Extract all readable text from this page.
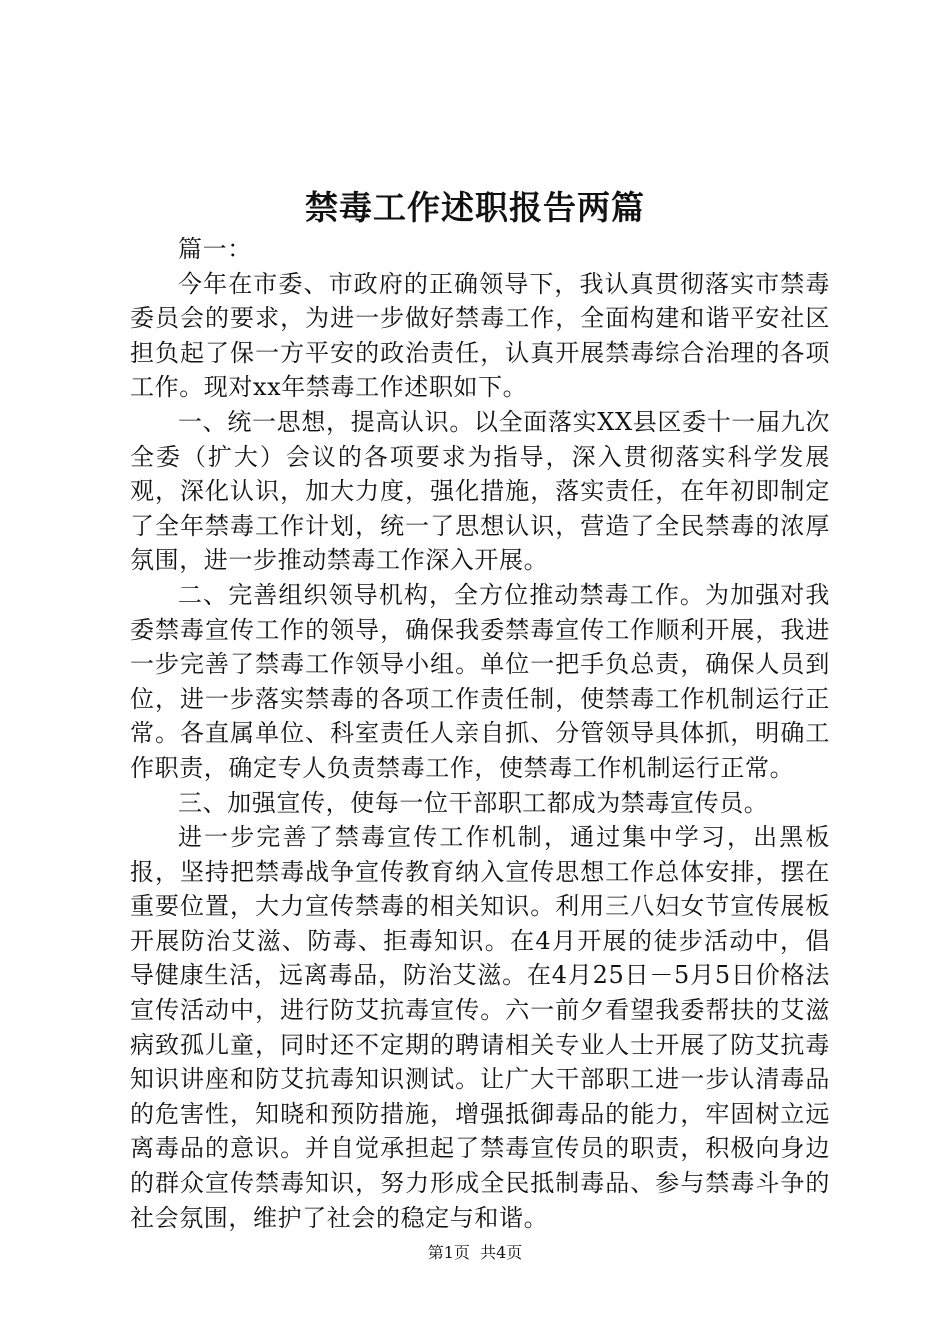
禁毒工作述职报告两篇

篇一：

今年在市委、市政府的正确领导下，我认真贯彻落实市禁毒委员会的要求，为进一步做好禁毒工作，全面构建和谐平安社区担负起了保一方平安的政治责任，认真开展禁毒综合治理的各项工作。现对xx年禁毒工作述职如下。

一、统一思想，提高认识。以全面落实XX县区委十一届九次全委（扩大）会议的各项要求为指导，深入贯彻落实科学发展观，深化认识，加大力度，强化措施，落实责任，在年初即制定了全年禁毒工作计划，统一了思想认识，营造了全民禁毒的浓厚氛围，进一步推动禁毒工作深入开展。

二、完善组织领导机构，全方位推动禁毒工作。为加强对我委禁毒宣传工作的领导，确保我委禁毒宣传工作顺利开展，我进一步完善了禁毒工作领导小组。单位一把手负总责，确保人员到位，进一步落实禁毒的各项工作责任制，使禁毒工作机制运行正常。各直属单位、科室责任人亲自抓、分管领导具体抓，明确工作职责，确定专人负责禁毒工作，使禁毒工作机制运行正常。

三、加强宣传，使每一位干部职工都成为禁毒宣传员。

进一步完善了禁毒宣传工作机制，通过集中学习，出黑板报，坚持把禁毒战争宣传教育纳入宣传思想工作总体安排，摆在重要位置，大力宣传禁毒的相关知识。利用三八妇女节宣传展板开展防治艾滋、防毒、拒毒知识。在4月开展的徒步活动中，倡导健康生活，远离毒品，防治艾滋。在4月25日－5月5日价格法宣传活动中，进行防艾抗毒宣传。六一前夕看望我委帮扶的艾滋病致孤儿童，同时还不定期的聘请相关专业人士开展了防艾抗毒知识讲座和防艾抗毒知识测试。让广大干部职工进一步认清毒品的危害性，知晓和预防措施，增强抵御毒品的能力，牢固树立远离毒品的意识。并自觉承担起了禁毒宣传员的职责，积极向身边的群众宣传禁毒知识，努力形成全民抵制毒品、参与禁毒斗争的社会氛围，维护了社会的稳定与和谐。

第1页  共4页
